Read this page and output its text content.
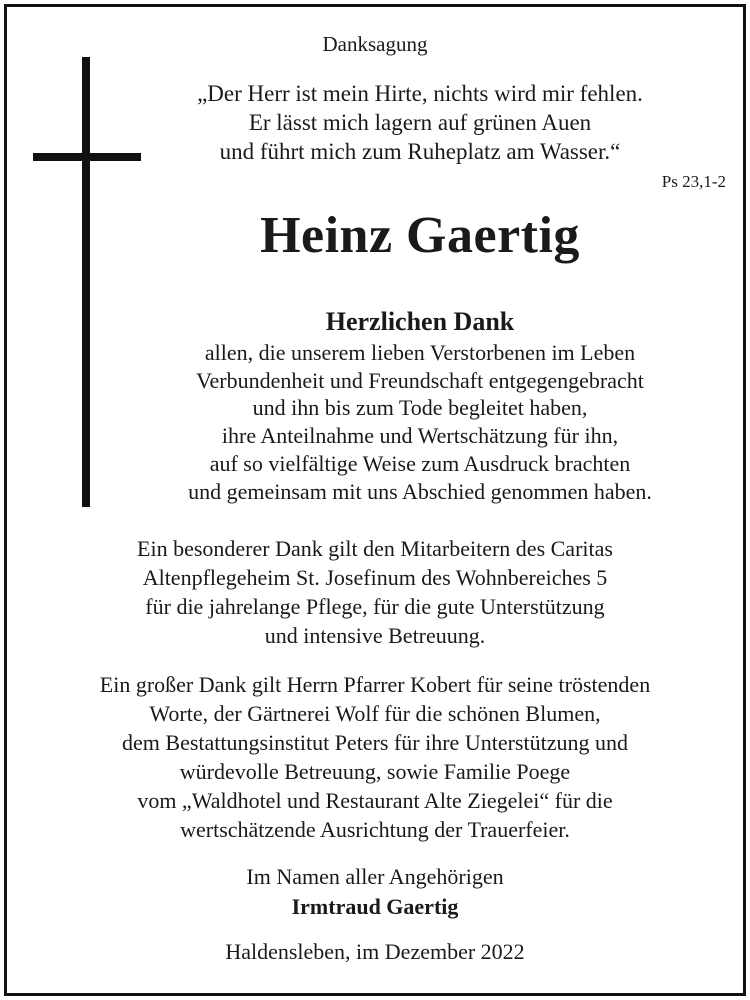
Danksagung
„Der Herr ist mein Hirte, nichts wird mir fehlen.
Er lässt mich lagern auf grünen Auen
und führt mich zum Ruheplatz am Wasser.“
Ps 23,1-2
Heinz Gaertig
Herzlichen Dank
allen, die unserem lieben Verstorbenen im Leben
Verbundenheit und Freundschaft entgegengebracht
und ihn bis zum Tode begleitet haben,
ihre Anteilnahme und Wertschätzung für ihn,
auf so vielfältige Weise zum Ausdruck brachten
und gemeinsam mit uns Abschied genommen haben.
Ein besonderer Dank gilt den Mitarbeitern des Caritas
Altenpflegeheim St. Josefinum des Wohnbereiches 5
für die jahrelange Pflege, für die gute Unterstützung
und intensive Betreuung.
Ein großer Dank gilt Herrn Pfarrer Kobert für seine tröstenden
Worte, der Gärtnerei Wolf für die schönen Blumen,
dem Bestattungsinstitut Peters für ihre Unterstützung und
würdevolle Betreuung, sowie Familie Poege
vom „Waldhotel und Restaurant Alte Ziegelei“ für die
wertschätzende Ausrichtung der Trauerfeier.
Im Namen aller Angehörigen
Irmtraud Gaertig
Haldensleben, im Dezember 2022
